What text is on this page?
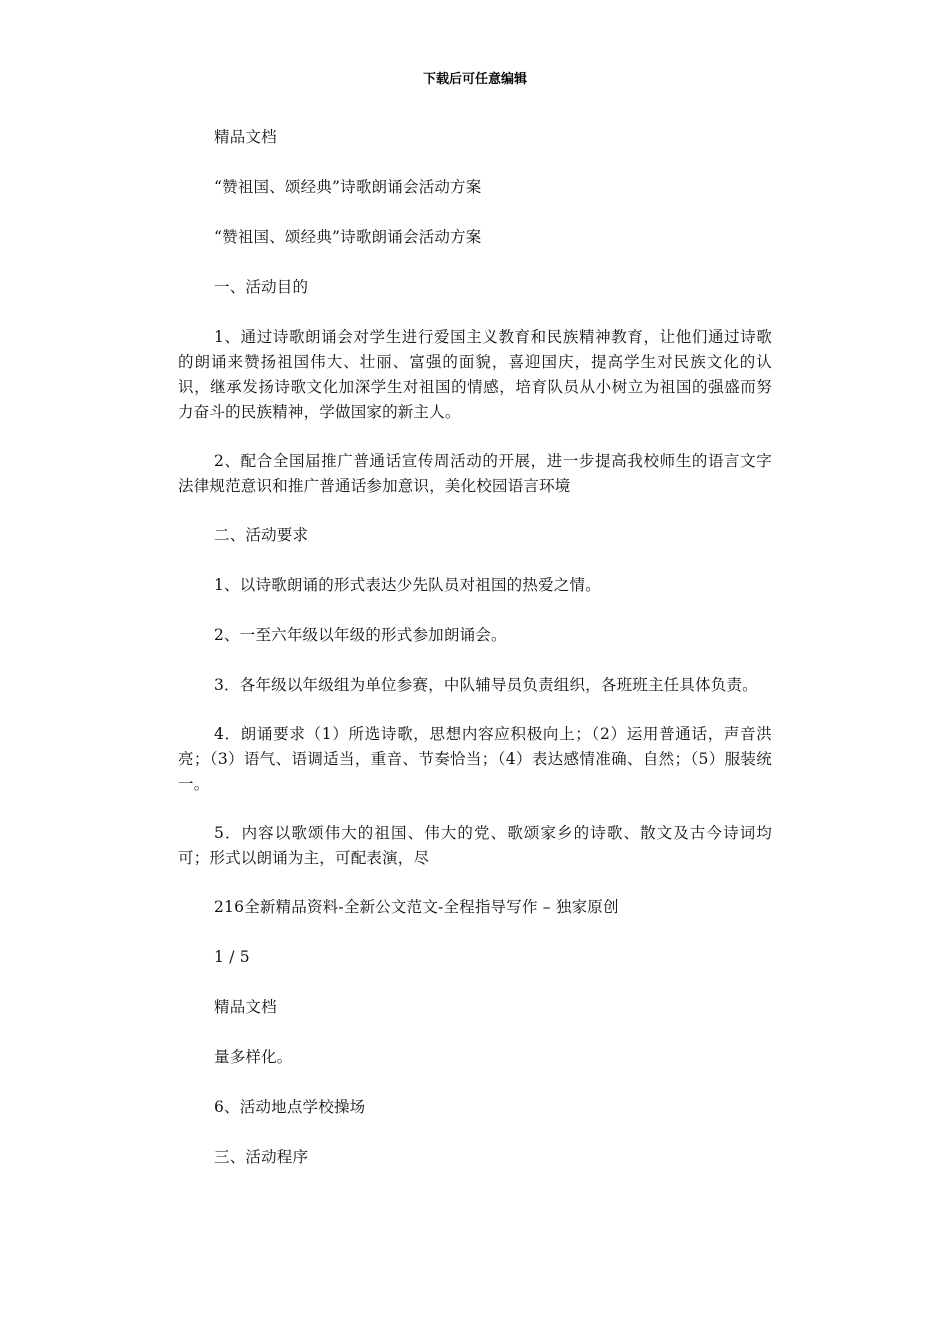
下载后可任意编辑

精品文档

“赞祖国、颂经典”诗歌朗诵会活动方案

“赞祖国、颂经典”诗歌朗诵会活动方案

一、活动目的

1、通过诗歌朗诵会对学生进行爱国主义教育和民族精神教育，让他们通过诗歌的朗诵来赞扬祖国伟大、壮丽、富强的面貌，喜迎国庆，提高学生对民族文化的认识，继承发扬诗歌文化加深学生对祖国的情感，培育队员从小树立为祖国的强盛而努力奋斗的民族精神，学做国家的新主人。

2、配合全国届推广普通话宣传周活动的开展，进一步提高我校师生的语言文字法律规范意识和推广普通话参加意识，美化校园语言环境

二、活动要求

1、以诗歌朗诵的形式表达少先队员对祖国的热爱之情。

2、一至六年级以年级的形式参加朗诵会。

3．各年级以年级组为单位参赛，中队辅导员负责组织，各班班主任具体负责。

4．朗诵要求（1）所选诗歌，思想内容应积极向上；（2）运用普通话，声音洪亮；（3）语气、语调适当，重音、节奏恰当；（4）表达感情准确、自然；（5）服装统一。

5．内容以歌颂伟大的祖国、伟大的党、歌颂家乡的诗歌、散文及古今诗词均可；形式以朗诵为主，可配表演，尽

216全新精品资料-全新公文范文-全程指导写作 – 独家原创

1 / 5

精品文档

量多样化。

6、活动地点学校操场

三、活动程序
